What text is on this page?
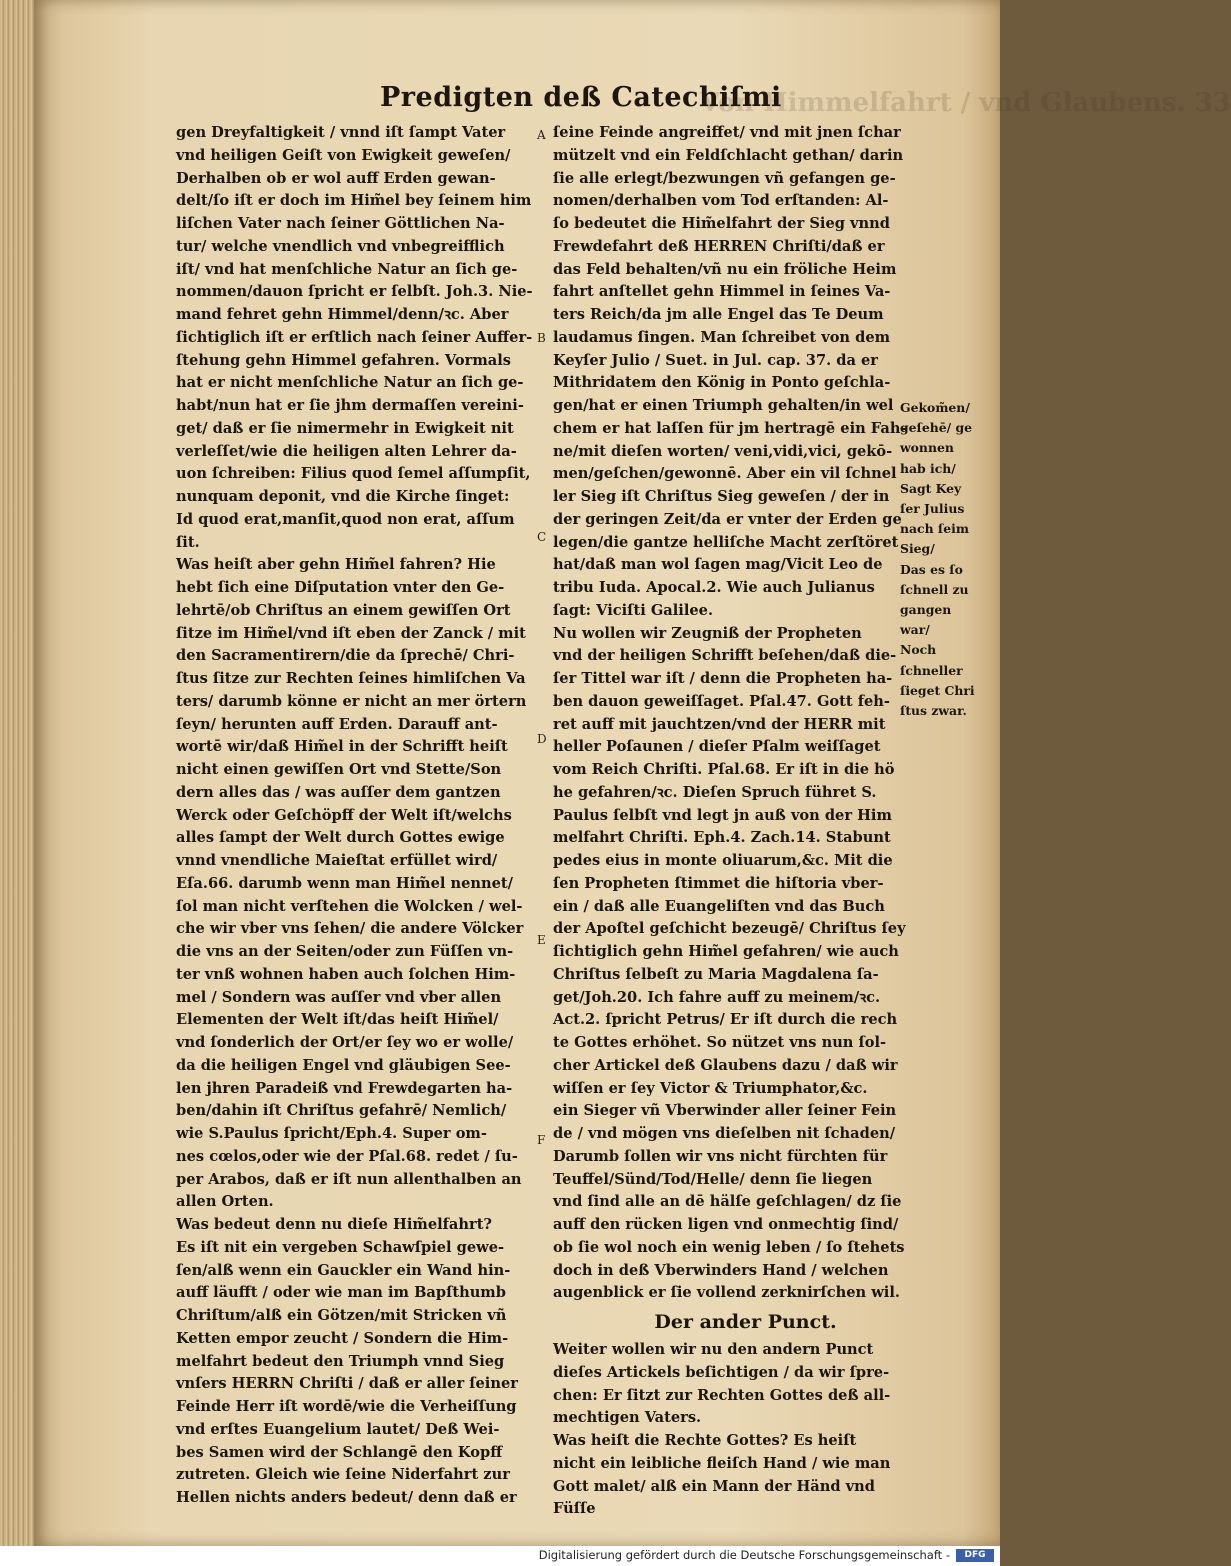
Von Himmelfahrt / vnd Glaubens. 33
Predigten deß Catechiſmi
gen Dreyfaltigkeit / vnnd iſt ſampt Vater
vnd heiligen Geiſt von Ewigkeit geweſen/
Derhalben ob er wol auff Erden gewan-
delt/ſo iſt er doch im Him̃el bey ſeinem him
liſchen Vater nach ſeiner Göttlichen Na-
tur/ welche vnendlich vnd vnbegreifflich
iſt/ vnd hat menſchliche Natur an ſich ge-
nommen/dauon ſpricht er ſelbſt. Joh.3. Nie-
mand fehret gehn Himmel/denn/ꝛc. Aber
ſichtiglich iſt er erſtlich nach ſeiner Auffer-
ſtehung gehn Himmel gefahren. Vormals
hat er nicht menſchliche Natur an ſich ge-
habt/nun hat er ſie jhm dermaſſen vereini-
get/ daß er ſie nimermehr in Ewigkeit nit
verleſſet/wie die heiligen alten Lehrer da-
uon ſchreiben: Filius quod ſemel aſſumpſit,
nunquam deponit, vnd die Kirche ſinget:
Id quod erat,manſit,quod non erat, aſſum
ſit.
Was heiſt aber gehn Him̃el fahren? Hie
hebt ſich eine Diſputation vnter den Ge-
lehrtē/ob Chriſtus an einem gewiſſen Ort
ſitze im Him̃el/vnd iſt eben der Zanck / mit
den Sacramentirern/die da ſprechē/ Chri-
ſtus ſitze zur Rechten ſeines himliſchen Va
ters/ darumb könne er nicht an mer örtern
ſeyn/ herunten auff Erden. Darauff ant-
wortē wir/daß Him̃el in der Schrifft heiſt
nicht einen gewiſſen Ort vnd Stette/Son
dern alles das / was auſſer dem gantzen
Werck oder Geſchöpff der Welt iſt/welchs
alles ſampt der Welt durch Gottes ewige
vnnd vnendliche Maieſtat erfüllet wird/
Eſa.66. darumb wenn man Him̃el nennet/
ſol man nicht verſtehen die Wolcken / wel-
che wir vber vns ſehen/ die andere Völcker
die vns an der Seiten/oder zun Füſſen vn-
ter vnß wohnen haben auch ſolchen Him-
mel / Sondern was auſſer vnd vber allen
Elementen der Welt iſt/das heiſt Him̃el/
vnd ſonderlich der Ort/er ſey wo er wolle/
da die heiligen Engel vnd gläubigen See-
len jhren Paradeiß vnd Frewdegarten ha-
ben/dahin iſt Chriſtus gefahrē/ Nemlich/
wie S.Paulus ſpricht/Eph.4. Super om-
nes cœlos,oder wie der Pſal.68. redet / ſu-
per Arabos, daß er iſt nun allenthalben an
allen Orten.
Was bedeut denn nu dieſe Him̃elfahrt?
Es iſt nit ein vergeben Schawſpiel gewe-
ſen/alß wenn ein Gauckler ein Wand hin-
auff läufft / oder wie man im Bapſthumb
Chriſtum/alß ein Götzen/mit Stricken vñ
Ketten empor zeucht / Sondern die Him-
melfahrt bedeut den Triumph vnnd Sieg
vnſers HERRN Chriſti / daß er aller ſeiner
Feinde Herr iſt wordē/wie die Verheiſſung
vnd erſtes Euangelium lautet/ Deß Wei-
bes Samen wird der Schlangē den Kopff
zutreten. Gleich wie ſeine Niderfahrt zur
Hellen nichts anders bedeut/ denn daß er
ſeine Feinde angreiffet/ vnd mit jnen ſchar
mützelt vnd ein Feldſchlacht gethan/ darin
ſie alle erlegt/bezwungen vñ gefangen ge-
nomen/derhalben vom Tod erſtanden: Al-
ſo bedeutet die Him̃elfahrt der Sieg vnnd
Frewdefahrt deß HERREN Chriſti/daß er
das Feld behalten/vñ nu ein fröliche Heim
fahrt anſtellet gehn Himmel in ſeines Va-
ters Reich/da jm alle Engel das Te Deum
laudamus ſingen. Man ſchreibet von dem
Keyſer Julio / Suet. in Jul. cap. 37. da er
Mithridatem den König in Ponto geſchla-
gen/hat er einen Triumph gehalten/in wel
chem er hat laſſen für jm hertragē ein Fah-
ne/mit dieſen worten/ veni,vidi,vici, gekō-
men/geſchen/gewonnē. Aber ein vil ſchnel
ler Sieg iſt Chriſtus Sieg geweſen / der in
der geringen Zeit/da er vnter der Erden ge
legen/die gantze helliſche Macht zerſtöret
hat/daß man wol ſagen mag/Vicit Leo de
tribu Iuda. Apocal.2. Wie auch Julianus
ſagt: Viciſti Galilee.
Nu wollen wir Zeugniß der Propheten
vnd der heiligen Schrifft beſehen/daß die-
ſer Tittel war iſt / denn die Propheten ha-
ben dauon geweiſſaget. Pſal.47. Gott feh-
ret auff mit jauchtzen/vnd der HERR mit
heller Poſaunen / dieſer Pſalm weiſſaget
vom Reich Chriſti. Pſal.68. Er iſt in die hö
he gefahren/ꝛc. Dieſen Spruch führet S.
Paulus ſelbſt vnd legt jn auß von der Him
melfahrt Chriſti. Eph.4. Zach.14. Stabunt
pedes eius in monte oliuarum,&c. Mit die
ſen Propheten ſtimmet die hiſtoria vber-
ein / daß alle Euangeliſten vnd das Buch
der Apoſtel geſchicht bezeugē/ Chriſtus ſey
ſichtiglich gehn Him̃el gefahren/ wie auch
Chriſtus ſelbeſt zu Maria Magdalena ſa-
get/Joh.20. Ich fahre auff zu meinem/ꝛc.
Act.2. ſpricht Petrus/ Er iſt durch die rech
te Gottes erhöhet. So nützet vns nun ſol-
cher Artickel deß Glaubens dazu / daß wir
wiſſen er ſey Victor & Triumphator,&c.
ein Sieger vñ Vberwinder aller ſeiner Fein
de / vnd mögen vns dieſelben nit ſchaden/
Darumb ſollen wir vns nicht fürchten für
Teuffel/Sünd/Tod/Helle/ denn ſie liegen
vnd ſind alle an dē hälſe geſchlagen/ dz ſie
auff den rücken ligen vnd onmechtig ſind/
ob ſie wol noch ein wenig leben / ſo ſtehets
doch in deß Vberwinders Hand / welchen
augenblick er ſie vollend zerknirſchen wil.
Der ander Punct.
Weiter wollen wir nu den andern Punct
dieſes Artickels beſichtigen / da wir ſpre-
chen: Er ſitzt zur Rechten Gottes deß all-
mechtigen Vaters.
Was heiſt die Rechte Gottes? Es heiſt
nicht ein leibliche fleiſch Hand / wie man
Gott malet/ alß ein Mann der Händ vnd
Füſſe
A
B
C
D
E
F
Gekom̃en/
geſehē/ ge
wonnen
hab ich/
Sagt Key
ſer Julius
nach ſeim
Sieg/
Das es ſo
ſchnell zu
gangen
war/
Noch
ſchneller
ſieget Chri
ſtus zwar.
Digitalisierung gefördert durch die Deutsche Forschungsgemeinschaft -	DFG
